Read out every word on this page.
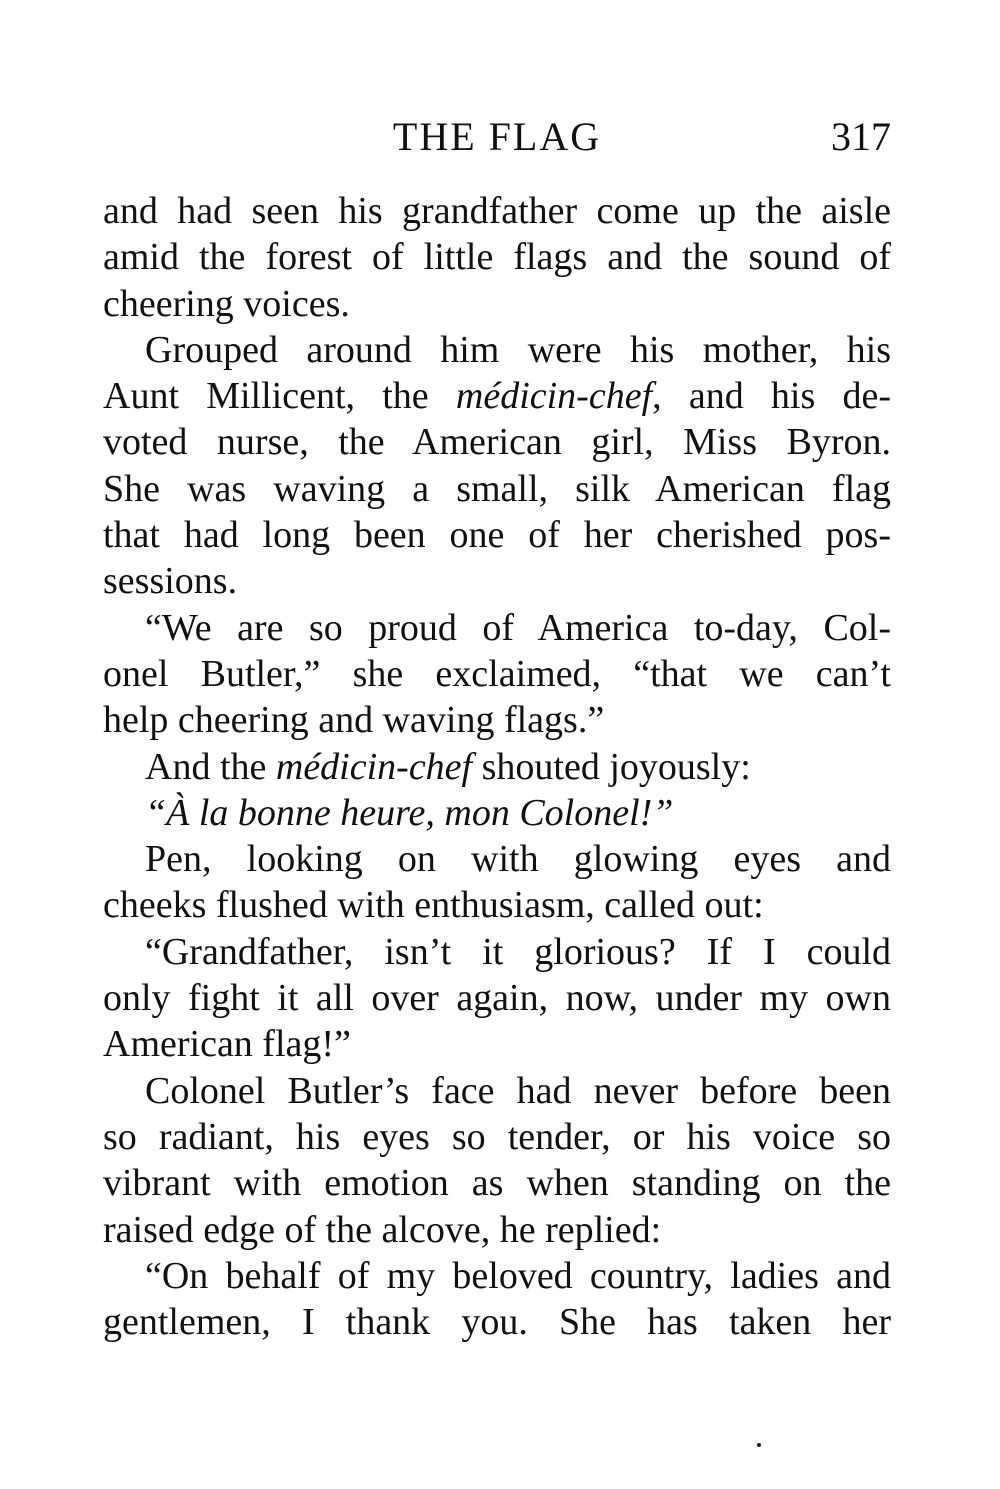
THE FLAG	317
and had seen his grandfather come up the aisle
amid the forest of little flags and the sound of
cheering voices.
Grouped around him were his mother, his
Aunt Millicent, the médicin-chef, and his de-
voted nurse, the American girl, Miss Byron.
She was waving a small, silk American flag
that had long been one of her cherished pos-
sessions.
“We are so proud of America to-day, Col-
onel Butler,” she exclaimed, “that we can’t
help cheering and waving flags.”
And the médicin-chef shouted joyously:
“À la bonne heure, mon Colonel!”
Pen, looking on with glowing eyes and
cheeks flushed with enthusiasm, called out:
“Grandfather, isn’t it glorious? If I could
only fight it all over again, now, under my own
American flag!”
Colonel Butler’s face had never before been
so radiant, his eyes so tender, or his voice so
vibrant with emotion as when standing on the
raised edge of the alcove, he replied:
“On behalf of my beloved country, ladies and
gentlemen, I thank you. She has taken her
